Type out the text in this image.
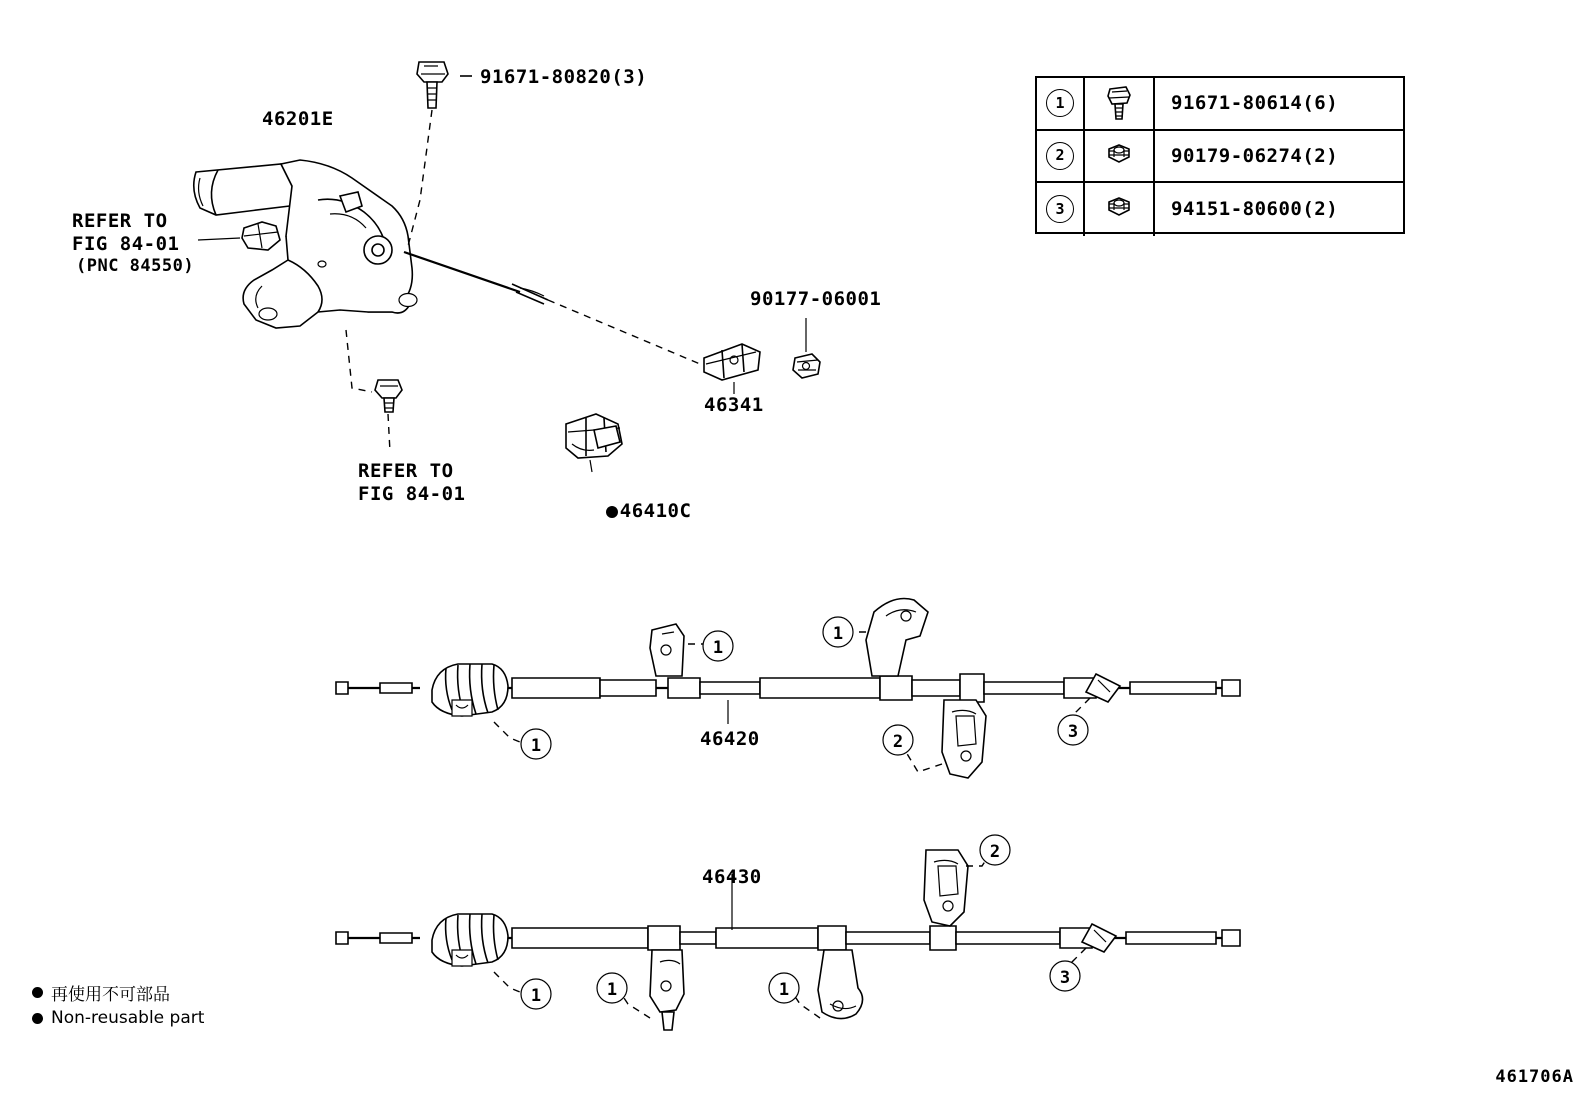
1
1
1	2	3
1	1	1
2
3
91671-80820(3)
46201E
REFER TO
FIG 84-01
(PNC 84550)
REFER TO
FIG 84-01

46410C

46341
90177-06001
46420
46430
1	91671-80614(6)
2	90179-06274(2)
3	94151-80600(2)
再使用不可部品
Non-reusable part
461706A
